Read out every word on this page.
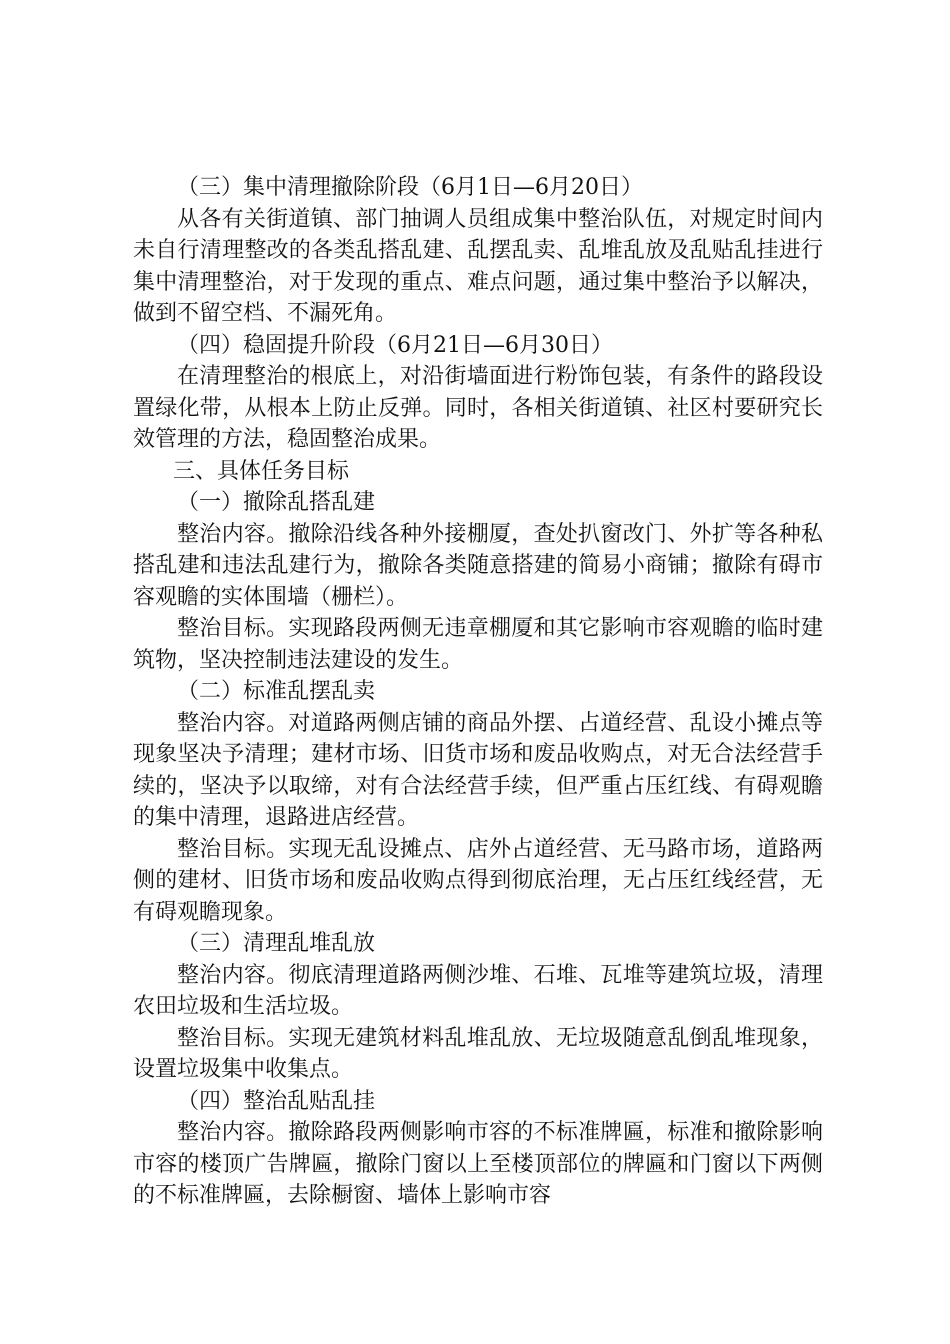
（三）集中清理撤除阶段（6月1日—6月20日）

从各有关街道镇、部门抽调人员组成集中整治队伍，对规定时间内未自行清理整改的各类乱搭乱建、乱摆乱卖、乱堆乱放及乱贴乱挂进行集中清理整治，对于发现的重点、难点问题，通过集中整治予以解决，做到不留空档、不漏死角。

（四）稳固提升阶段（6月21日—6月30日）

在清理整治的根底上，对沿街墙面进行粉饰包装，有条件的路段设置绿化带，从根本上防止反弹。同时，各相关街道镇、社区村要研究长效管理的方法，稳固整治成果。

三、具体任务目标
（一）撤除乱搭乱建

整治内容。撤除沿线各种外接棚厦，查处扒窗改门、外扩等各种私搭乱建和违法乱建行为，撤除各类随意搭建的简易小商铺；撤除有碍市容观瞻的实体围墙（栅栏）。

整治目标。实现路段两侧无违章棚厦和其它影响市容观瞻的临时建筑物，坚决控制违法建设的发生。

（二）标准乱摆乱卖

整治内容。对道路两侧店铺的商品外摆、占道经营、乱设小摊点等现象坚决予清理；建材市场、旧货市场和废品收购点，对无合法经营手续的，坚决予以取缔，对有合法经营手续，但严重占压红线、有碍观瞻的集中清理，退路进店经营。

整治目标。实现无乱设摊点、店外占道经营、无马路市场，道路两侧的建材、旧货市场和废品收购点得到彻底治理，无占压红线经营，无有碍观瞻现象。

（三）清理乱堆乱放

整治内容。彻底清理道路两侧沙堆、石堆、瓦堆等建筑垃圾，清理农田垃圾和生活垃圾。

整治目标。实现无建筑材料乱堆乱放、无垃圾随意乱倒乱堆现象，设置垃圾集中收集点。

（四）整治乱贴乱挂

整治内容。撤除路段两侧影响市容的不标准牌匾，标准和撤除影响市容的楼顶广告牌匾，撤除门窗以上至楼顶部位的牌匾和门窗以下两侧的不标准牌匾，去除橱窗、墙体上影响市容
